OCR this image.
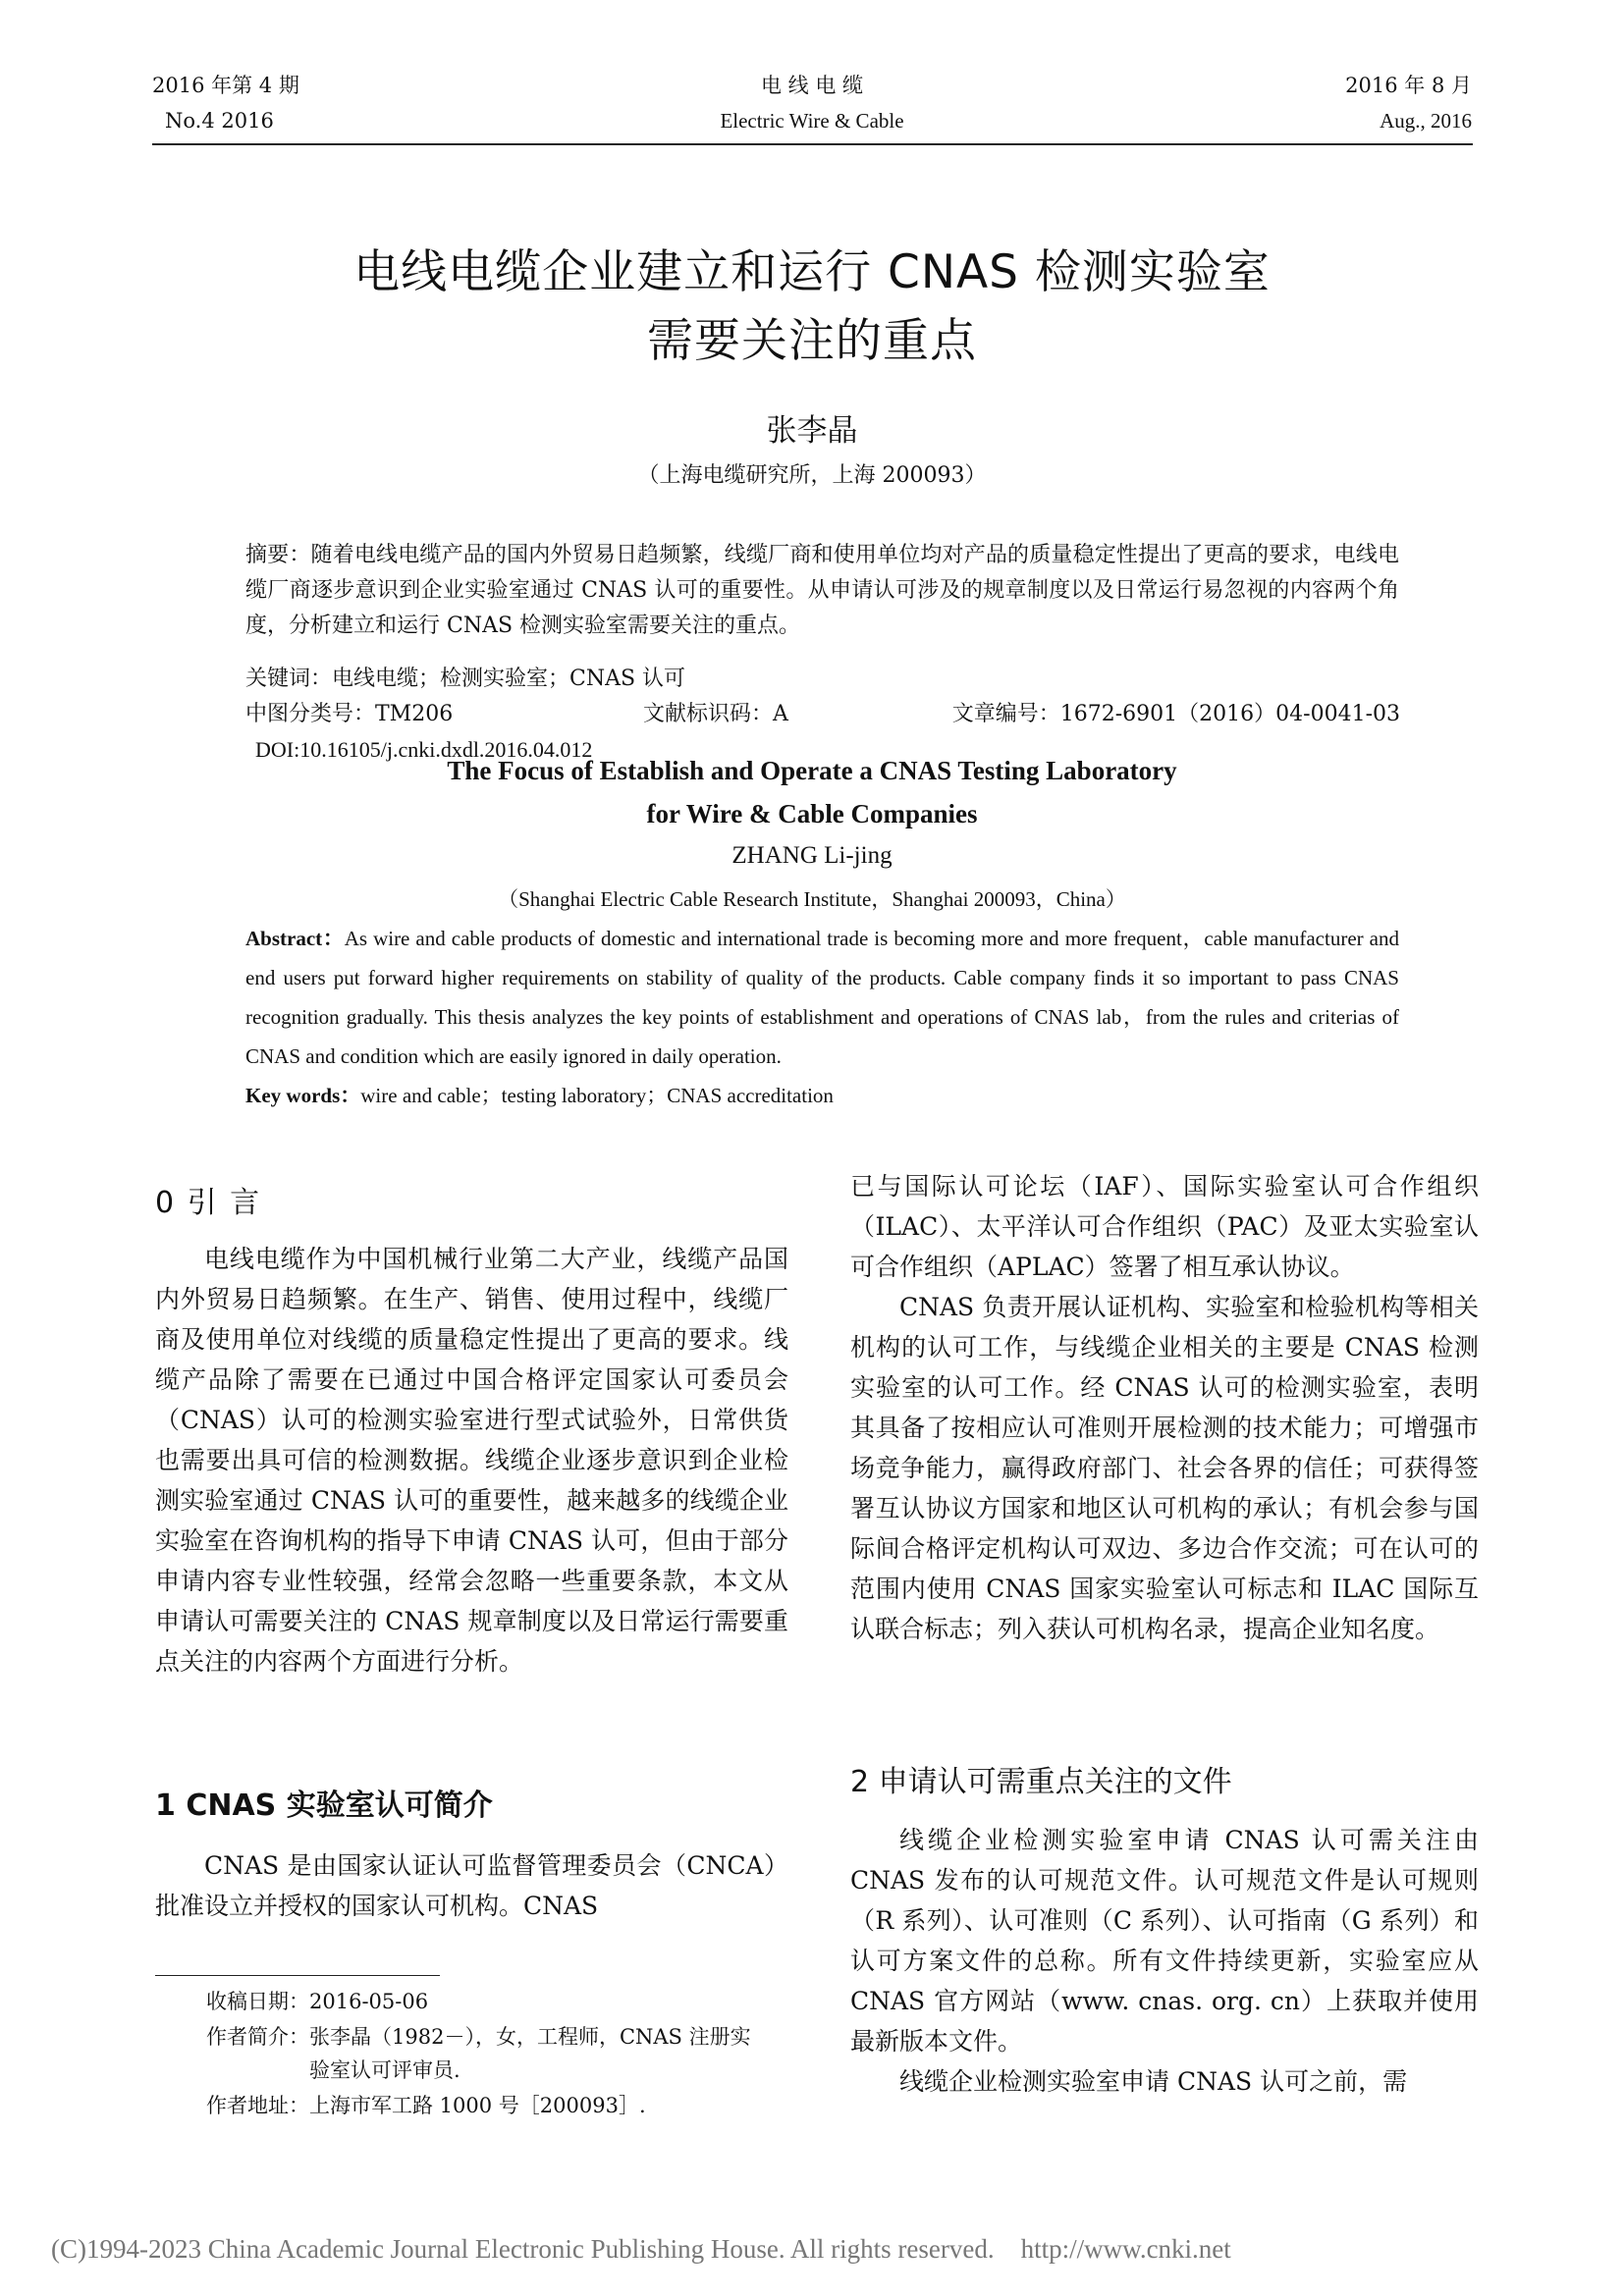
2016 年第 4 期
No.4 2016
电 线 电 缆
Electric Wire & Cable
2016 年 8 月
Aug., 2016
电线电缆企业建立和运行 CNAS 检测实验室
需要关注的重点
张李晶
（上海电缆研究所，上海 200093）
摘要：随着电线电缆产品的国内外贸易日趋频繁，线缆厂商和使用单位均对产品的质量稳定性提出了更高的要求，电线电缆厂商逐步意识到企业实验室通过 CNAS 认可的重要性。从申请认可涉及的规章制度以及日常运行易忽视的内容两个角度，分析建立和运行 CNAS 检测实验室需要关注的重点。
关键词：电线电缆；检测实验室；CNAS 认可
中图分类号：TM206	文献标识码：A	文章编号：1672-6901（2016）04-0041-03
DOI:10.16105/j.cnki.dxdl.2016.04.012
The Focus of Establish and Operate a CNAS Testing Laboratory
for Wire & Cable Companies
ZHANG Li-jing
（Shanghai Electric Cable Research Institute，Shanghai 200093，China）
Abstract：As wire and cable products of domestic and international trade is becoming more and more frequent，cable manufacturer and end users put forward higher requirements on stability of quality of the products. Cable company finds it so important to pass CNAS recognition gradually. This thesis analyzes the key points of establishment and operations of CNAS lab，from the rules and criterias of CNAS and condition which are easily ignored in daily operation.
Key words：wire and cable；testing laboratory；CNAS accreditation
0 引 言

电线电缆作为中国机械行业第二大产业，线缆产品国内外贸易日趋频繁。在生产、销售、使用过程中，线缆厂商及使用单位对线缆的质量稳定性提出了更高的要求。线缆产品除了需要在已通过中国合格评定国家认可委员会（CNAS）认可的检测实验室进行型式试验外，日常供货也需要出具可信的检测数据。线缆企业逐步意识到企业检测实验室通过 CNAS 认可的重要性，越来越多的线缆企业实验室在咨询机构的指导下申请 CNAS 认可，但由于部分申请内容专业性较强，经常会忽略一些重要条款，本文从申请认可需要关注的 CNAS 规章制度以及日常运行需要重点关注的内容两个方面进行分析。

1 CNAS 实验室认可简介

CNAS 是由国家认证认可监督管理委员会（CNCA）批准设立并授权的国家认可机构。CNAS

收稿日期：2016-05-06
作者简介：张李晶（1982－），女，工程师，CNAS 注册实
验室认可评审员.
作者地址：上海市军工路 1000 号［200093］.

已与国际认可论坛（IAF）、国际实验室认可合作组织（ILAC）、太平洋认可合作组织（PAC）及亚太实验室认可合作组织（APLAC）签署了相互承认协议。

CNAS 负责开展认证机构、实验室和检验机构等相关机构的认可工作，与线缆企业相关的主要是 CNAS 检测实验室的认可工作。经 CNAS 认可的检测实验室，表明其具备了按相应认可准则开展检测的技术能力；可增强市场竞争能力，赢得政府部门、社会各界的信任；可获得签署互认协议方国家和地区认可机构的承认；有机会参与国际间合格评定机构认可双边、多边合作交流；可在认可的范围内使用 CNAS 国家实验室认可标志和 ILAC 国际互认联合标志；列入获认可机构名录，提高企业知名度。

2 申请认可需重点关注的文件

线缆企业检测实验室申请 CNAS 认可需关注由 CNAS 发布的认可规范文件。认可规范文件是认可规则（R 系列）、认可准则（C 系列）、认可指南（G 系列）和认可方案文件的总称。所有文件持续更新，实验室应从 CNAS 官方网站（www. cnas. org. cn）上获取并使用最新版本文件。

线缆企业检测实验室申请 CNAS 认可之前，需

(C)1994-2023 China Academic Journal Electronic Publishing House. All rights reserved.    http://www.cnki.net
